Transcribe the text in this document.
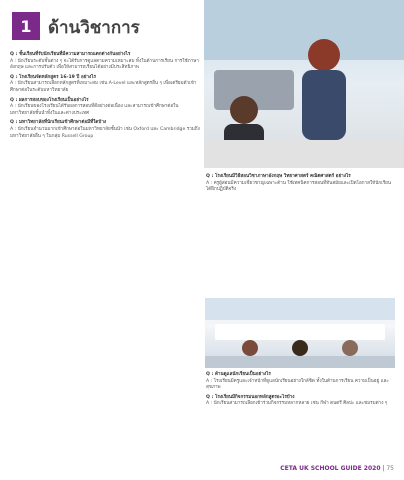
1 ด้านวิชาการ
Q : ชั้นเรียนที่รับนักเรียนที่มีความสามารถแตกต่างกันอย่างไร
A : นักเรียนระดับชั้นต่าง ๆ จะได้รับการดูแลตามความเหมาะสม ทั้งในด้านการเรียน การใช้ภาษาอังกฤษ และการปรับตัว เพื่อให้สามารถเรียนได้อย่างมีประสิทธิภาพ
Q : โรงเรียนจัดหลักสูตร 16-19 ปี อย่างไร
A : นักเรียนสามารถเลือกหลักสูตรที่เหมาะสม เช่น A-Level และหลักสูตรอื่น ๆ เพื่อเตรียมตัวเข้าศึกษาต่อในระดับมหาวิทยาลัย
Q : ผลการสอบของโรงเรียนเป็นอย่างไร
A : นักเรียนของโรงเรียนได้รับผลการสอบที่ดีอย่างต่อเนื่อง และสามารถเข้าศึกษาต่อในมหาวิทยาลัยชั้นนำทั้งในและต่างประเทศ
Q : มหาวิทยาลัยที่นักเรียนเข้าศึกษาต่อมีที่ใดบ้าง
A : นักเรียนจำนวนมากเข้าศึกษาต่อในมหาวิทยาลัยชั้นนำ เช่น Oxford และ Cambridge รวมถึงมหาวิทยาลัยอื่น ๆ ในกลุ่ม Russell Group
Q : โรงเรียนมีวิธีสอนวิชาภาษาอังกฤษ วิทยาศาสตร์ คณิตศาสตร์ อย่างไร
A : ครูผู้สอนมีความเชี่ยวชาญเฉพาะด้าน ใช้เทคนิคการสอนที่ทันสมัยและเปิดโอกาสให้นักเรียนได้ฝึกปฏิบัติจริง
Q : ด้านดูแลนักเรียนเป็นอย่างไร
A : โรงเรียนมีครูและเจ้าหน้าที่ดูแลนักเรียนอย่างใกล้ชิด ทั้งในด้านการเรียน ความเป็นอยู่ และสุขภาพ
Q : โรงเรียนมีกิจกรรมนอกหลักสูตรอะไรบ้าง
A : นักเรียนสามารถเลือกเข้าร่วมกิจกรรมหลากหลาย เช่น กีฬา ดนตรี ศิลปะ และชมรมต่าง ๆ
CETA UK SCHOOL GUIDE 2020 | 75
